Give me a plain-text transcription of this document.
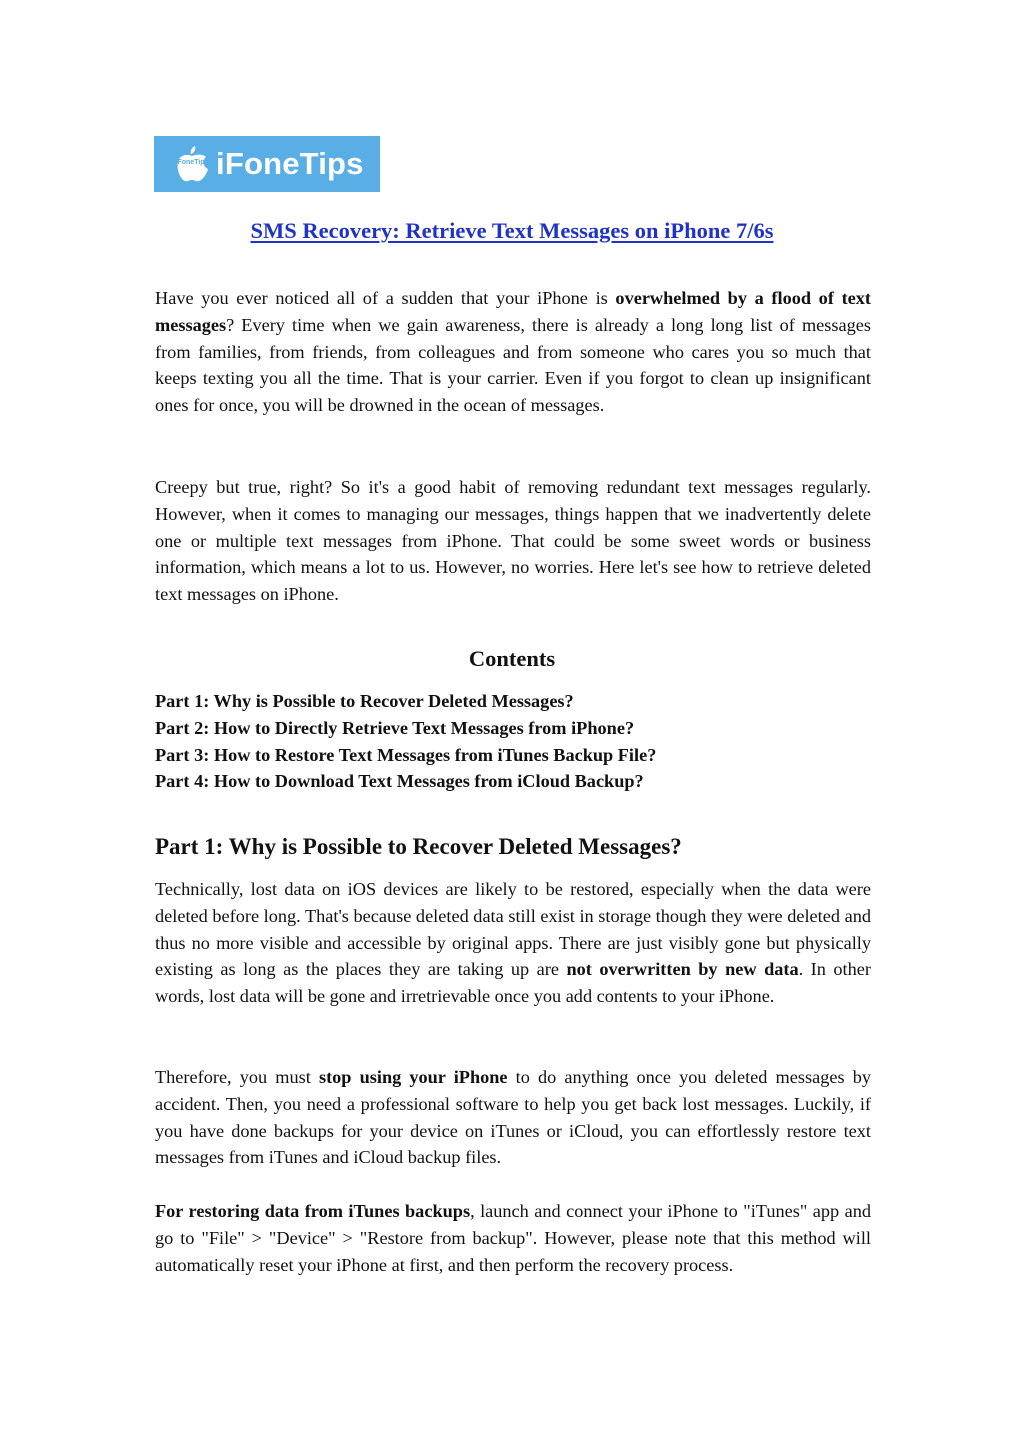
iFoneTips iFoneTips
SMS Recovery: Retrieve Text Messages on iPhone 7/6s

Have you ever noticed all of a sudden that your iPhone is overwhelmed by a flood of text messages? Every time when we gain awareness, there is already a long long list of messages from families, from friends, from colleagues and from someone who cares you so much that keeps texting you all the time. That is your carrier. Even if you forgot to clean up insignificant ones for once, you will be drowned in the ocean of messages.

Creepy but true, right? So it's a good habit of removing redundant text messages regularly. However, when it comes to managing our messages, things happen that we inadvertently delete one or multiple text messages from iPhone. That could be some sweet words or business information, which means a lot to us. However, no worries. Here let's see how to retrieve deleted text messages on iPhone.

Contents
Part 1: Why is Possible to Recover Deleted Messages?
Part 2: How to Directly Retrieve Text Messages from iPhone?
Part 3: How to Restore Text Messages from iTunes Backup File?
Part 4: How to Download Text Messages from iCloud Backup?
Part 1: Why is Possible to Recover Deleted Messages?

Technically, lost data on iOS devices are likely to be restored, especially when the data were deleted before long. That's because deleted data still exist in storage though they were deleted and thus no more visible and accessible by original apps. There are just visibly gone but physically existing as long as the places they are taking up are not overwritten by new data. In other words, lost data will be gone and irretrievable once you add contents to your iPhone.

Therefore, you must stop using your iPhone to do anything once you deleted messages by accident. Then, you need a professional software to help you get back lost messages. Luckily, if you have done backups for your device on iTunes or iCloud, you can effortlessly restore text messages from iTunes and iCloud backup files.

For restoring data from iTunes backups, launch and connect your iPhone to "iTunes" app and go to "File" > "Device" > "Restore from backup". However, please note that this method will automatically reset your iPhone at first, and then perform the recovery process.
